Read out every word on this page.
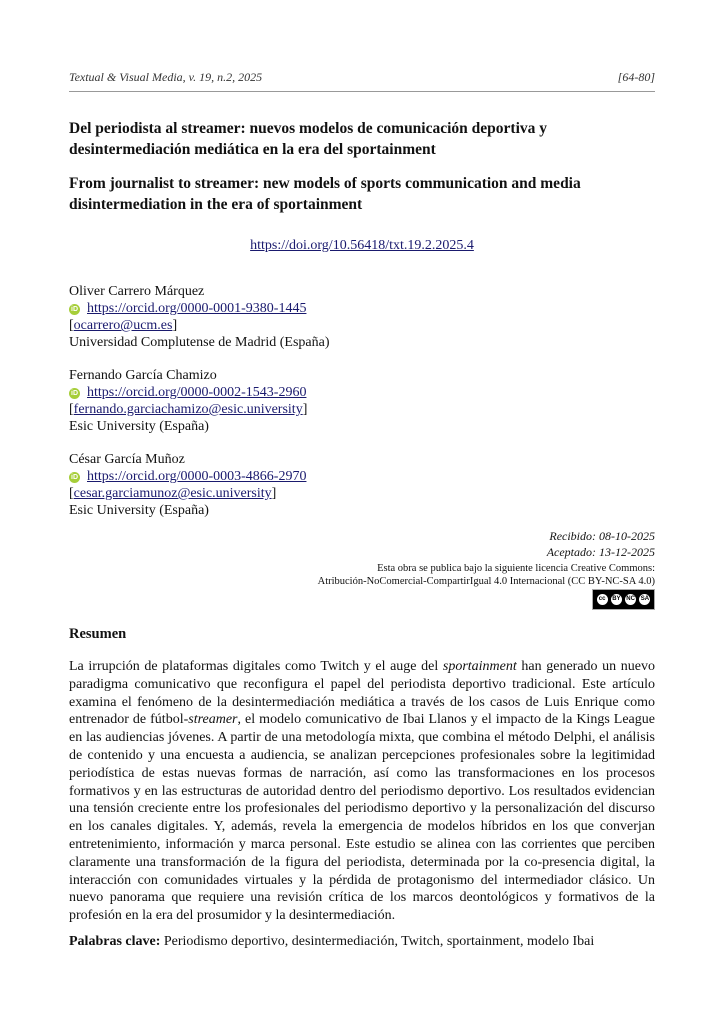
Textual & Visual Media, v. 19, n.2, 2025	[64-80]
Del periodista al streamer: nuevos modelos de comunicación deportiva y desintermediación mediática en la era del sportainment
From journalist to streamer: new models of sports communication and media disintermediation in the era of sportainment
https://doi.org/10.56418/txt.19.2.2025.4
Oliver Carrero Márquez
iD https://orcid.org/0000-0001-9380-1445
[ocarrero@ucm.es]
Universidad Complutense de Madrid (España)
Fernando García Chamizo
iD https://orcid.org/0000-0002-1543-2960
[fernando.garciachamizo@esic.university]
Esic University (España)
César García Muñoz
iD https://orcid.org/0000-0003-4866-2970
[cesar.garciamunoz@esic.university]
Esic University (España)
Recibido: 08-10-2025
Aceptado: 13-12-2025
Esta obra se publica bajo la siguiente licencia Creative Commons:
Atribución-NoComercial-CompartirIgual 4.0 Internacional (CC BY-NC-SA 4.0)
cc	BY NC SA
Resumen

La irrupción de plataformas digitales como Twitch y el auge del sportainment han generado un nuevo paradigma comunicativo que reconfigura el papel del periodista deportivo tradicional. Este artículo examina el fenómeno de la desintermediación mediática a través de los casos de Luis Enrique como entrenador de fútbol-streamer, el modelo comunicativo de Ibai Llanos y el impacto de la Kings League en las audiencias jóvenes. A partir de una metodología mixta, que combina el método Delphi, el análisis de contenido y una encuesta a audiencia, se analizan percepciones profesionales sobre la legitimidad periodística de estas nuevas formas de narración, así como las transformaciones en los procesos formativos y en las estructuras de autoridad dentro del periodismo deportivo. Los resultados evidencian una tensión creciente entre los profesionales del periodismo deportivo y la personalización del discurso en los canales digitales. Y, además, revela la emergencia de modelos híbridos en los que converjan entretenimiento, información y marca personal. Este estudio se alinea con las corrientes que perciben claramente una transformación de la figura del periodista, determinada por la co-presencia digital, la interacción con comunidades virtuales y la pérdida de protagonismo del intermediador clásico. Un nuevo panorama que requiere una revisión crítica de los marcos deontológicos y formativos de la profesión en la era del prosumidor y la desintermediación.

Palabras clave: Periodismo deportivo, desintermediación, Twitch, sportainment, modelo Ibai
